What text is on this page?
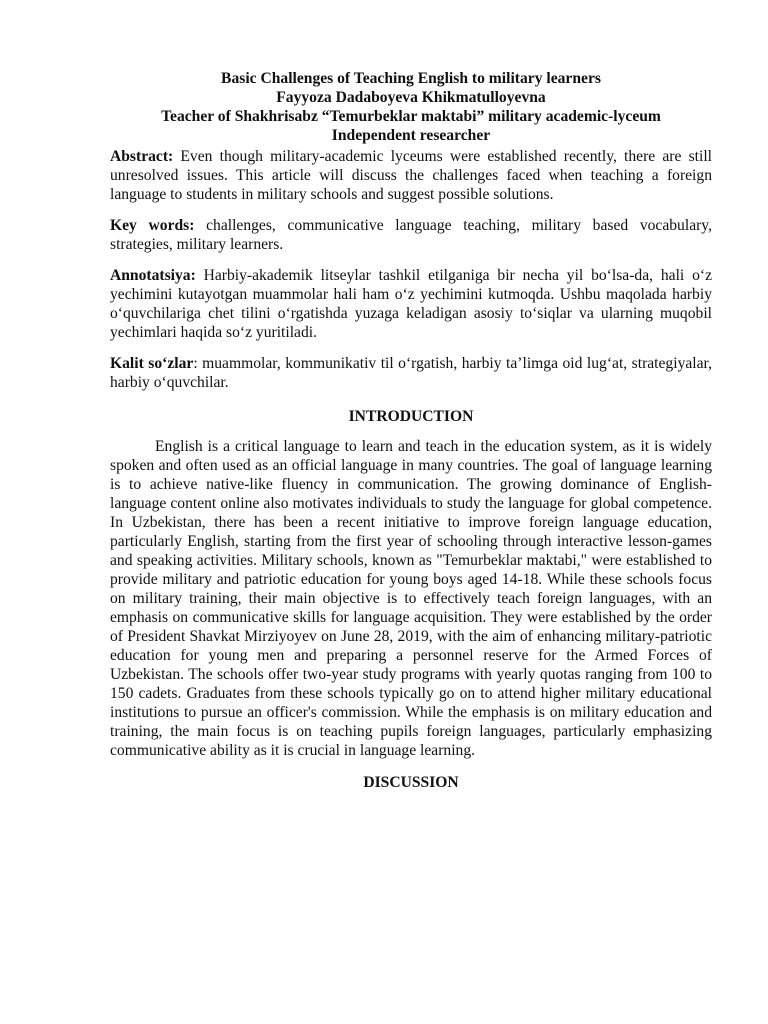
Basic Challenges of Teaching English to military learners
Fayyoza Dadaboyeva Khikmatulloyevna
Teacher of Shakhrisabz “Temurbeklar maktabi” military academic-lyceum
Independent researcher

Abstract: Even though military-academic lyceums were established recently, there are still unresolved issues. This article will discuss the challenges faced when teaching a foreign language to students in military schools and suggest possible solutions.

Key words: challenges, communicative language teaching, military based vocabulary, strategies, military learners.

Annotatsiya: Harbiy-akademik litseylar tashkil etilganiga bir necha yil bo‘lsa-da, hali o‘z yechimini kutayotgan muammolar hali ham o‘z yechimini kutmoqda. Ushbu maqolada harbiy o‘quvchilariga chet tilini o‘rgatishda yuzaga keladigan asosiy to‘siqlar va ularning muqobil yechimlari haqida so‘z yuritiladi.

Kalit so‘zlar: muammolar, kommunikativ til o‘rgatish, harbiy ta’limga oid lug‘at, strategiyalar, harbiy o‘quvchilar.

INTRODUCTION

English is a critical language to learn and teach in the education system, as it is widely spoken and often used as an official language in many countries. The goal of language learning is to achieve native-like fluency in communication. The growing dominance of English-language content online also motivates individuals to study the language for global competence. In Uzbekistan, there has been a recent initiative to improve foreign language education, particularly English, starting from the first year of schooling through interactive lesson-games and speaking activities. Military schools, known as "Temurbeklar maktabi," were established to provide military and patriotic education for young boys aged 14-18. While these schools focus on military training, their main objective is to effectively teach foreign languages, with an emphasis on communicative skills for language acquisition. They were established by the order of President Shavkat Mirziyoyev on June 28, 2019, with the aim of enhancing military-patriotic education for young men and preparing a personnel reserve for the Armed Forces of Uzbekistan. The schools offer two-year study programs with yearly quotas ranging from 100 to 150 cadets. Graduates from these schools typically go on to attend higher military educational institutions to pursue an officer's commission. While the emphasis is on military education and training, the main focus is on teaching pupils foreign languages, particularly emphasizing communicative ability as it is crucial in language learning.

DISCUSSION
